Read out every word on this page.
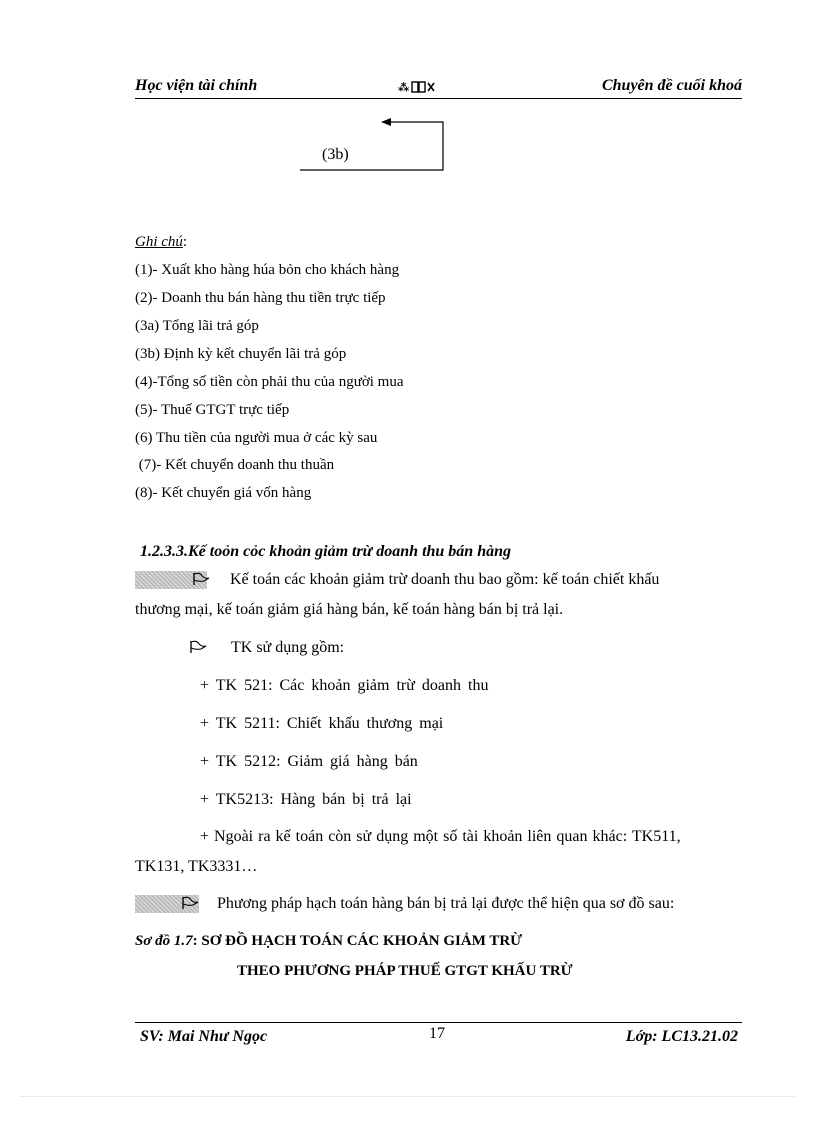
Học viện tài chính	⁂	Chuyên đề cuối khoá
(3b)
Ghi chú:
(1)- Xuất kho hàng húa bỏn cho khách hàng
(2)- Doanh thu bán hàng thu tiền trực tiếp
(3a) Tổng lãi trả góp
(3b) Định kỳ kết chuyển lãi trả góp
(4)-Tổng số tiền còn phải thu của người mua
(5)- Thuế GTGT trực tiếp
(6) Thu tiền của người mua ở các kỳ sau
(7)- Kết chuyển doanh thu thuần
(8)- Kết chuyển giá vốn hàng
1.2.3.3.Kế toỏn cỏc khoản giảm trừ doanh thu bán hàng
Kế toán các khoản giảm trừ doanh thu bao gồm: kế toán chiết khấu
thương mại, kế toán giảm giá hàng bán, kế toán hàng bán bị trả lại.
TK sử dụng gồm:
+ TK 521: Các khoản giảm trừ doanh thu
+ TK 5211: Chiết khấu thương mại
+ TK 5212: Giảm giá hàng bán
+ TK5213: Hàng bán bị trả lại
+ Ngoài ra kế toán còn sử dụng một số tài khoản liên quan khác: TK511,
TK131, TK3331…
Phương pháp hạch toán hàng bán bị trả lại được thể hiện qua sơ đồ sau:
Sơ đồ 1.7: SƠ ĐỒ HẠCH TOÁN CÁC KHOẢN GIẢM TRỪ
THEO PHƯƠNG PHÁP THUẾ GTGT KHẤU TRỪ
SV: Mai Như Ngọc	17	Lớp: LC13.21.02
